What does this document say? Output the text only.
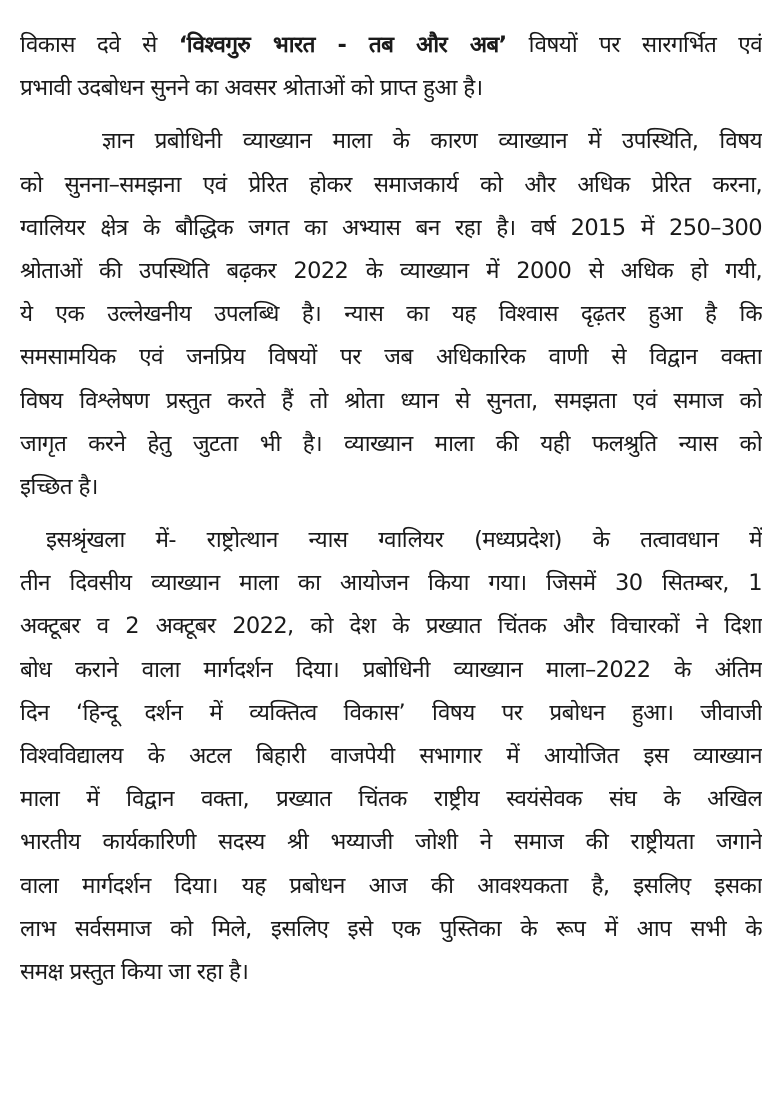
विकास दवे से ‘विश्वगुरु भारत - तब और अब’ विषयों पर सारगर्भित एवं
प्रभावी उदबोधन सुनने का अवसर श्रोताओं को प्राप्त हुआ है।
ज्ञान प्रबोधिनी व्याख्यान माला के कारण व्याख्यान में उपस्थिति, विषय
को सुनना–समझना एवं प्रेरित होकर समाजकार्य को और अधिक प्रेरित करना,
ग्वालियर क्षेत्र के बौद्धिक जगत का अभ्यास बन रहा है। वर्ष 2015 में 250–300
श्रोताओं की उपस्थिति बढ़कर 2022 के व्याख्यान में 2000 से अधिक हो गयी,
ये एक उल्लेखनीय उपलब्धि है। न्यास का यह विश्वास दृढ़तर हुआ है कि
समसामयिक एवं जनप्रिय विषयों पर जब अधिकारिक वाणी से विद्वान वक्ता
विषय विश्लेषण प्रस्तुत करते हैं तो श्रोता ध्यान से सुनता, समझता एवं समाज को
जागृत करने हेतु जुटता भी है। व्याख्यान माला की यही फलश्रुति न्यास को
इच्छित है।
इसश्रृंखला में- राष्ट्रोत्थान न्यास ग्वालियर (मध्यप्रदेश) के तत्वावधान में
तीन दिवसीय व्याख्यान माला का आयोजन किया गया। जिसमें 30 सितम्बर, 1
अक्टूबर व 2 अक्टूबर 2022, को देश के प्रख्यात चिंतक और विचारकों ने दिशा
बोध कराने वाला मार्गदर्शन दिया। प्रबोधिनी व्याख्यान माला–2022 के अंतिम
दिन ‘हिन्दू दर्शन में व्यक्तित्व विकास’ विषय पर प्रबोधन हुआ। जीवाजी
विश्वविद्यालय के अटल बिहारी वाजपेयी सभागार में आयोजित इस व्याख्यान
माला में विद्वान वक्ता, प्रख्यात चिंतक राष्ट्रीय स्वयंसेवक संघ के अखिल
भारतीय कार्यकारिणी सदस्य श्री भय्याजी जोशी ने समाज की राष्ट्रीयता जगाने
वाला मार्गदर्शन दिया। यह प्रबोधन आज की आवश्यकता है, इसलिए इसका
लाभ सर्वसमाज को मिले, इसलिए इसे एक पुस्तिका के रूप में आप सभी के
समक्ष प्रस्तुत किया जा रहा है।
